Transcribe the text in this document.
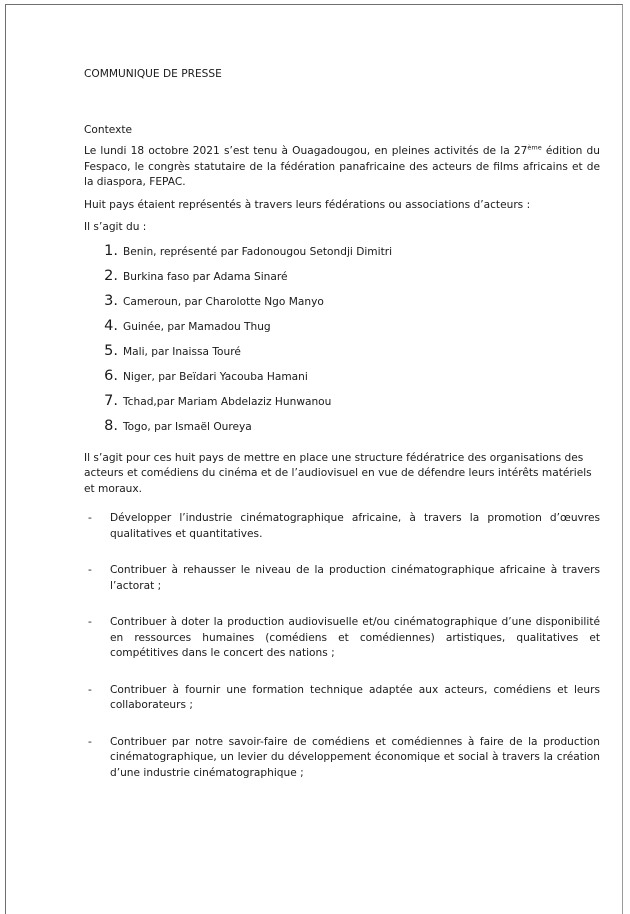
COMMUNIQUE DE PRESSE

Contexte

Le lundi 18 octobre 2021 s’est tenu à Ouagadougou, en pleines activités de la 27ème édition du Fespaco, le congrès statutaire de la fédération panafricaine des acteurs de films africains et de la diaspora, FEPAC.

Huit pays étaient représentés à travers leurs fédérations ou associations d’acteurs :

Il s’agit du :

1. Benin, représenté par Fadonougou Setondji Dimitri
2. Burkina faso par Adama Sinaré
3. Cameroun, par Charolotte Ngo Manyo
4. Guinée, par Mamadou Thug
5. Mali, par Inaissa Touré
6. Niger, par Beïdari Yacouba Hamani
7. Tchad,par Mariam Abdelaziz Hunwanou
8. Togo, par Ismaël Oureya

Il s’agit pour ces huit pays de mettre en place une structure fédératrice des organisations des acteurs et comédiens du cinéma et de l’audiovisuel en vue de défendre leurs intérêts matériels et moraux.

- Développer l’industrie cinématographique africaine, à travers la promotion d’œuvres qualitatives et quantitatives.
- Contribuer à rehausser le niveau de la production cinématographique africaine à travers l’actorat ;
- Contribuer à doter la production audiovisuelle et/ou cinématographique d’une disponibilité en ressources humaines (comédiens et comédiennes) artistiques, qualitatives et compétitives dans le concert des nations ;
- Contribuer à fournir une formation technique adaptée aux acteurs, comédiens et leurs collaborateurs ;
- Contribuer par notre savoir-faire de comédiens et comédiennes à faire de la production cinématographique, un levier du développement économique et social à travers la création d’une industrie cinématographique ;
